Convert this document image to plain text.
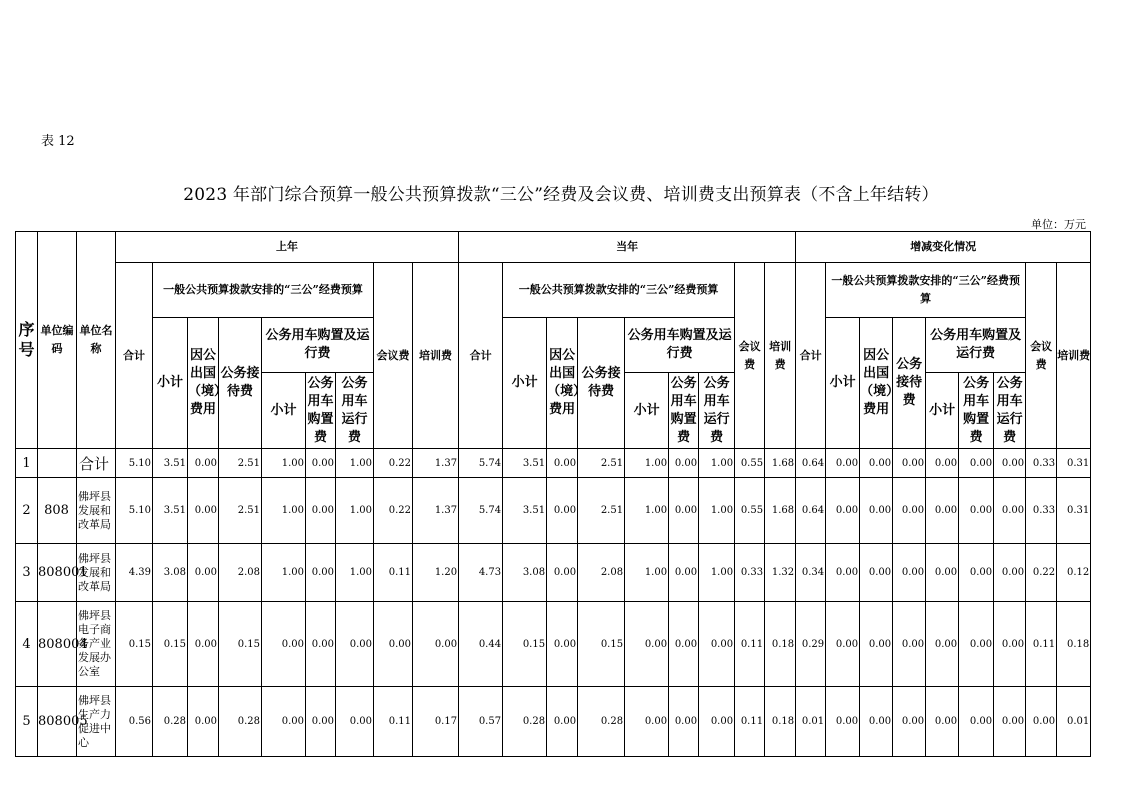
表 12
2023 年部门综合预算一般公共预算拨款“三公”经费及会议费、培训费支出预算表（不含上年结转）
单位：万元
序号	单位编码	单位名称	上年									当年									增减变化情况								
			合计	一般公共预算拨款安排的“三公”经费预算						会议费	培训费	合计	一般公共预算拨款安排的“三公”经费预算						会议费	培训费	合计	一般公共预算拨款安排的“三公”经费预算						会议费	培训费
				小计	因公出国（境）费用	公务接待费	公务用车购置及运行费						小计	因公出国（境）费用	公务接待费	公务用车购置及运行费						小计	因公出国（境）费用	公务接待费	公务用车购置及运行费				
							小计	公务用车购置费	公务用车运行费							小计	公务用车购置费	公务用车运行费							小计	公务用车购置费	公务用车运行费		

1		合计	5.10	3.51	0.00	2.51	1.00	0.00	1.00	0.22	1.37	5.74	3.51	0.00	2.51	1.00	0.00	1.00	0.55	1.68	0.64	0.00	0.00	0.00	0.00	0.00	0.00	0.33	0.31
2	808	佛坪县发展和改革局	5.10	3.51	0.00	2.51	1.00	0.00	1.00	0.22	1.37	5.74	3.51	0.00	2.51	1.00	0.00	1.00	0.55	1.68	0.64	0.00	0.00	0.00	0.00	0.00	0.00	0.33	0.31
3	808001	佛坪县发展和改革局	4.39	3.08	0.00	2.08	1.00	0.00	1.00	0.11	1.20	4.73	3.08	0.00	2.08	1.00	0.00	1.00	0.33	1.32	0.34	0.00	0.00	0.00	0.00	0.00	0.00	0.22	0.12
4	808004	佛坪县电子商务产业发展办公室	0.15	0.15	0.00	0.15	0.00	0.00	0.00	0.00	0.00	0.44	0.15	0.00	0.15	0.00	0.00	0.00	0.11	0.18	0.29	0.00	0.00	0.00	0.00	0.00	0.00	0.11	0.18
5	808005	佛坪县生产力促进中心	0.56	0.28	0.00	0.28	0.00	0.00	0.00	0.11	0.17	0.57	0.28	0.00	0.28	0.00	0.00	0.00	0.11	0.18	0.01	0.00	0.00	0.00	0.00	0.00	0.00	0.00	0.01
